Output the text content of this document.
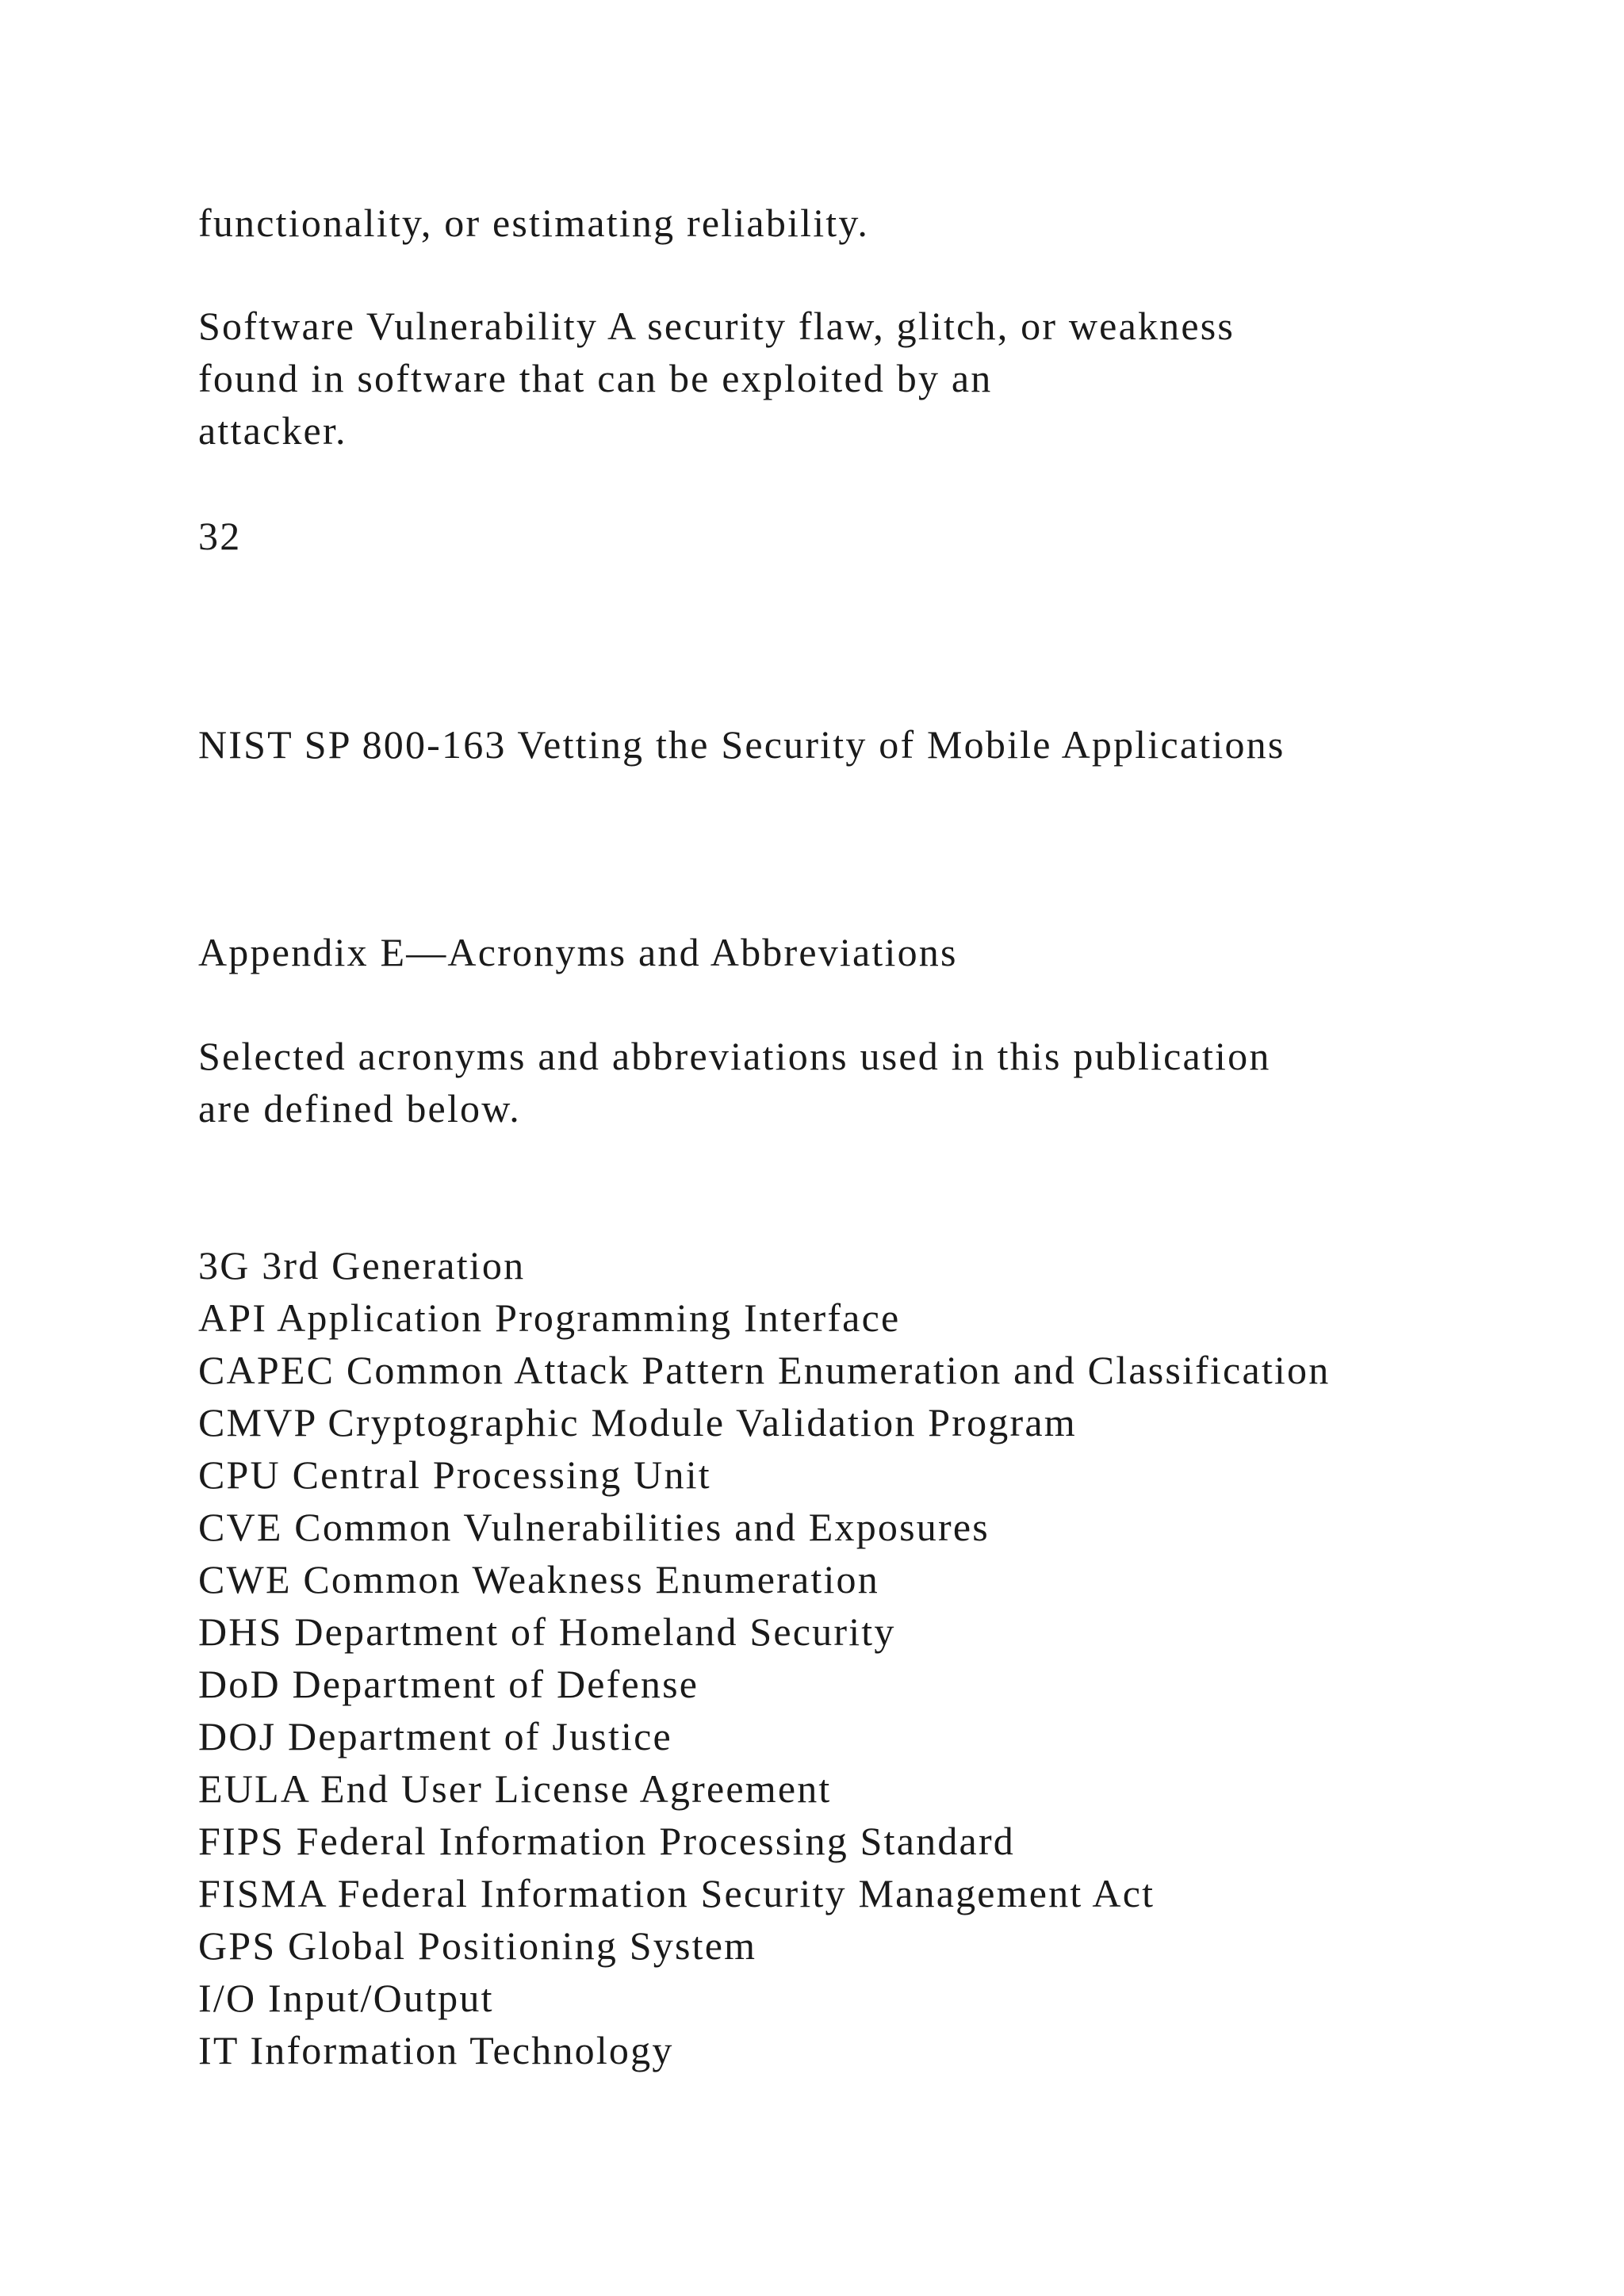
functionality, or estimating reliability.

Software Vulnerability A security flaw, glitch, or weakness
found in software that can be exploited by an
attacker.

32

NIST SP 800-163 Vetting the Security of Mobile Applications

Appendix E—Acronyms and Abbreviations

Selected acronyms and abbreviations used in this publication
are defined below.
3G 3rd Generation
API Application Programming Interface
CAPEC Common Attack Pattern Enumeration and Classification
CMVP Cryptographic Module Validation Program
CPU Central Processing Unit
CVE Common Vulnerabilities and Exposures
CWE Common Weakness Enumeration
DHS Department of Homeland Security
DoD Department of Defense
DOJ Department of Justice
EULA End User License Agreement
FIPS Federal Information Processing Standard
FISMA Federal Information Security Management Act
GPS Global Positioning System
I/O Input/Output
IT Information Technology
